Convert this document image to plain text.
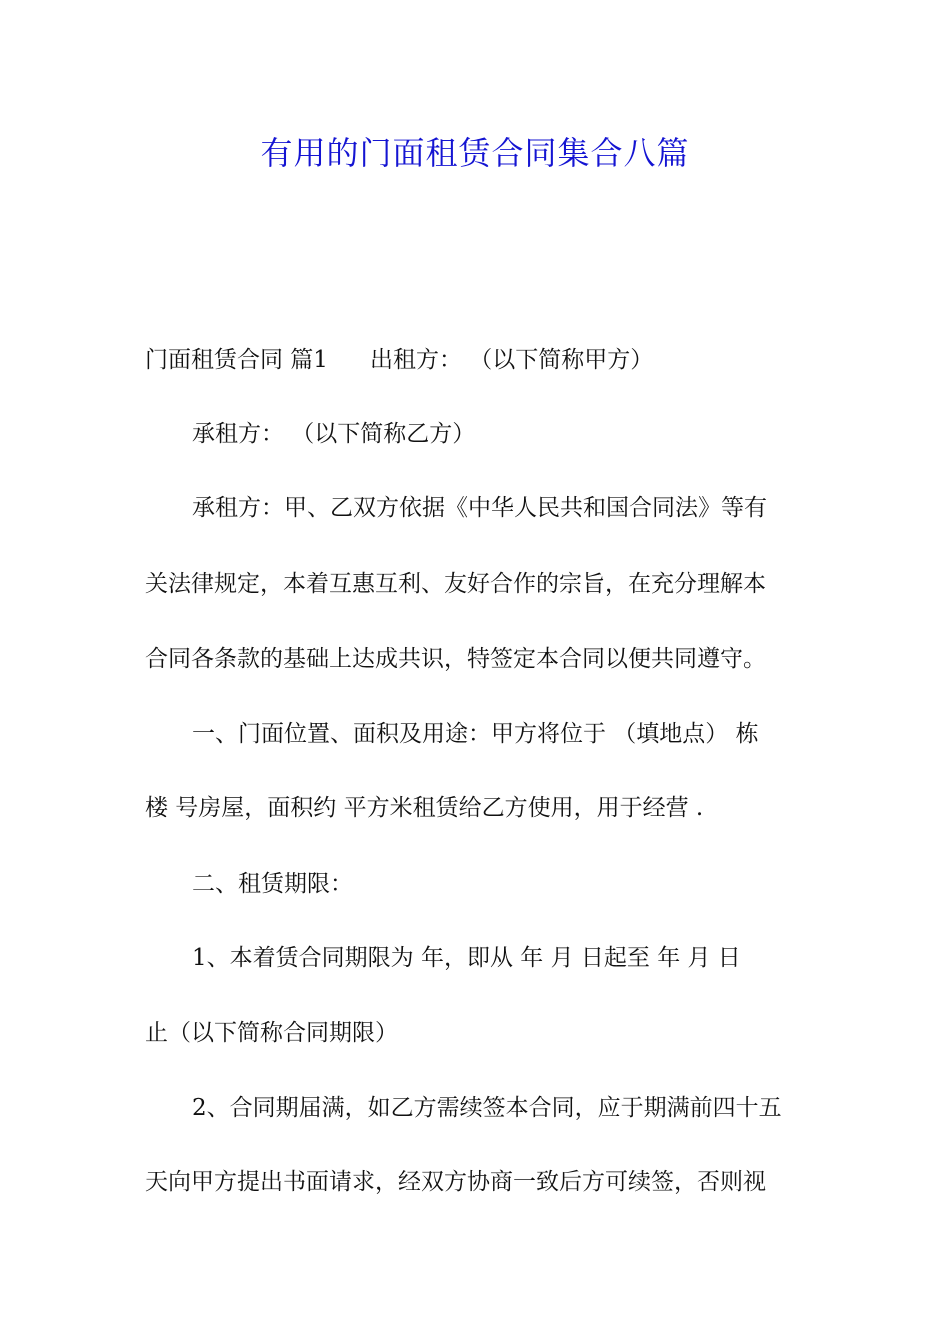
有用的门面租赁合同集合八篇
门面租赁合同 篇1 出租方： （以下简称甲方）
承租方： （以下简称乙方）
承租方：甲、乙双方依据《中华人民共和国合同法》等有
关法律规定，本着互惠互利、友好合作的宗旨，在充分理解本
合同各条款的基础上达成共识，特签定本合同以便共同遵守。
一、门面位置、面积及用途：甲方将位于 （填地点） 栋
楼 号房屋，面积约 平方米租赁给乙方使用，用于经营 .
二、租赁期限：
1、本着赁合同期限为 年，即从 年 月 日起至 年 月 日
止（以下简称合同期限）
2、合同期届满，如乙方需续签本合同，应于期满前四十五
天向甲方提出书面请求，经双方协商一致后方可续签，否则视
